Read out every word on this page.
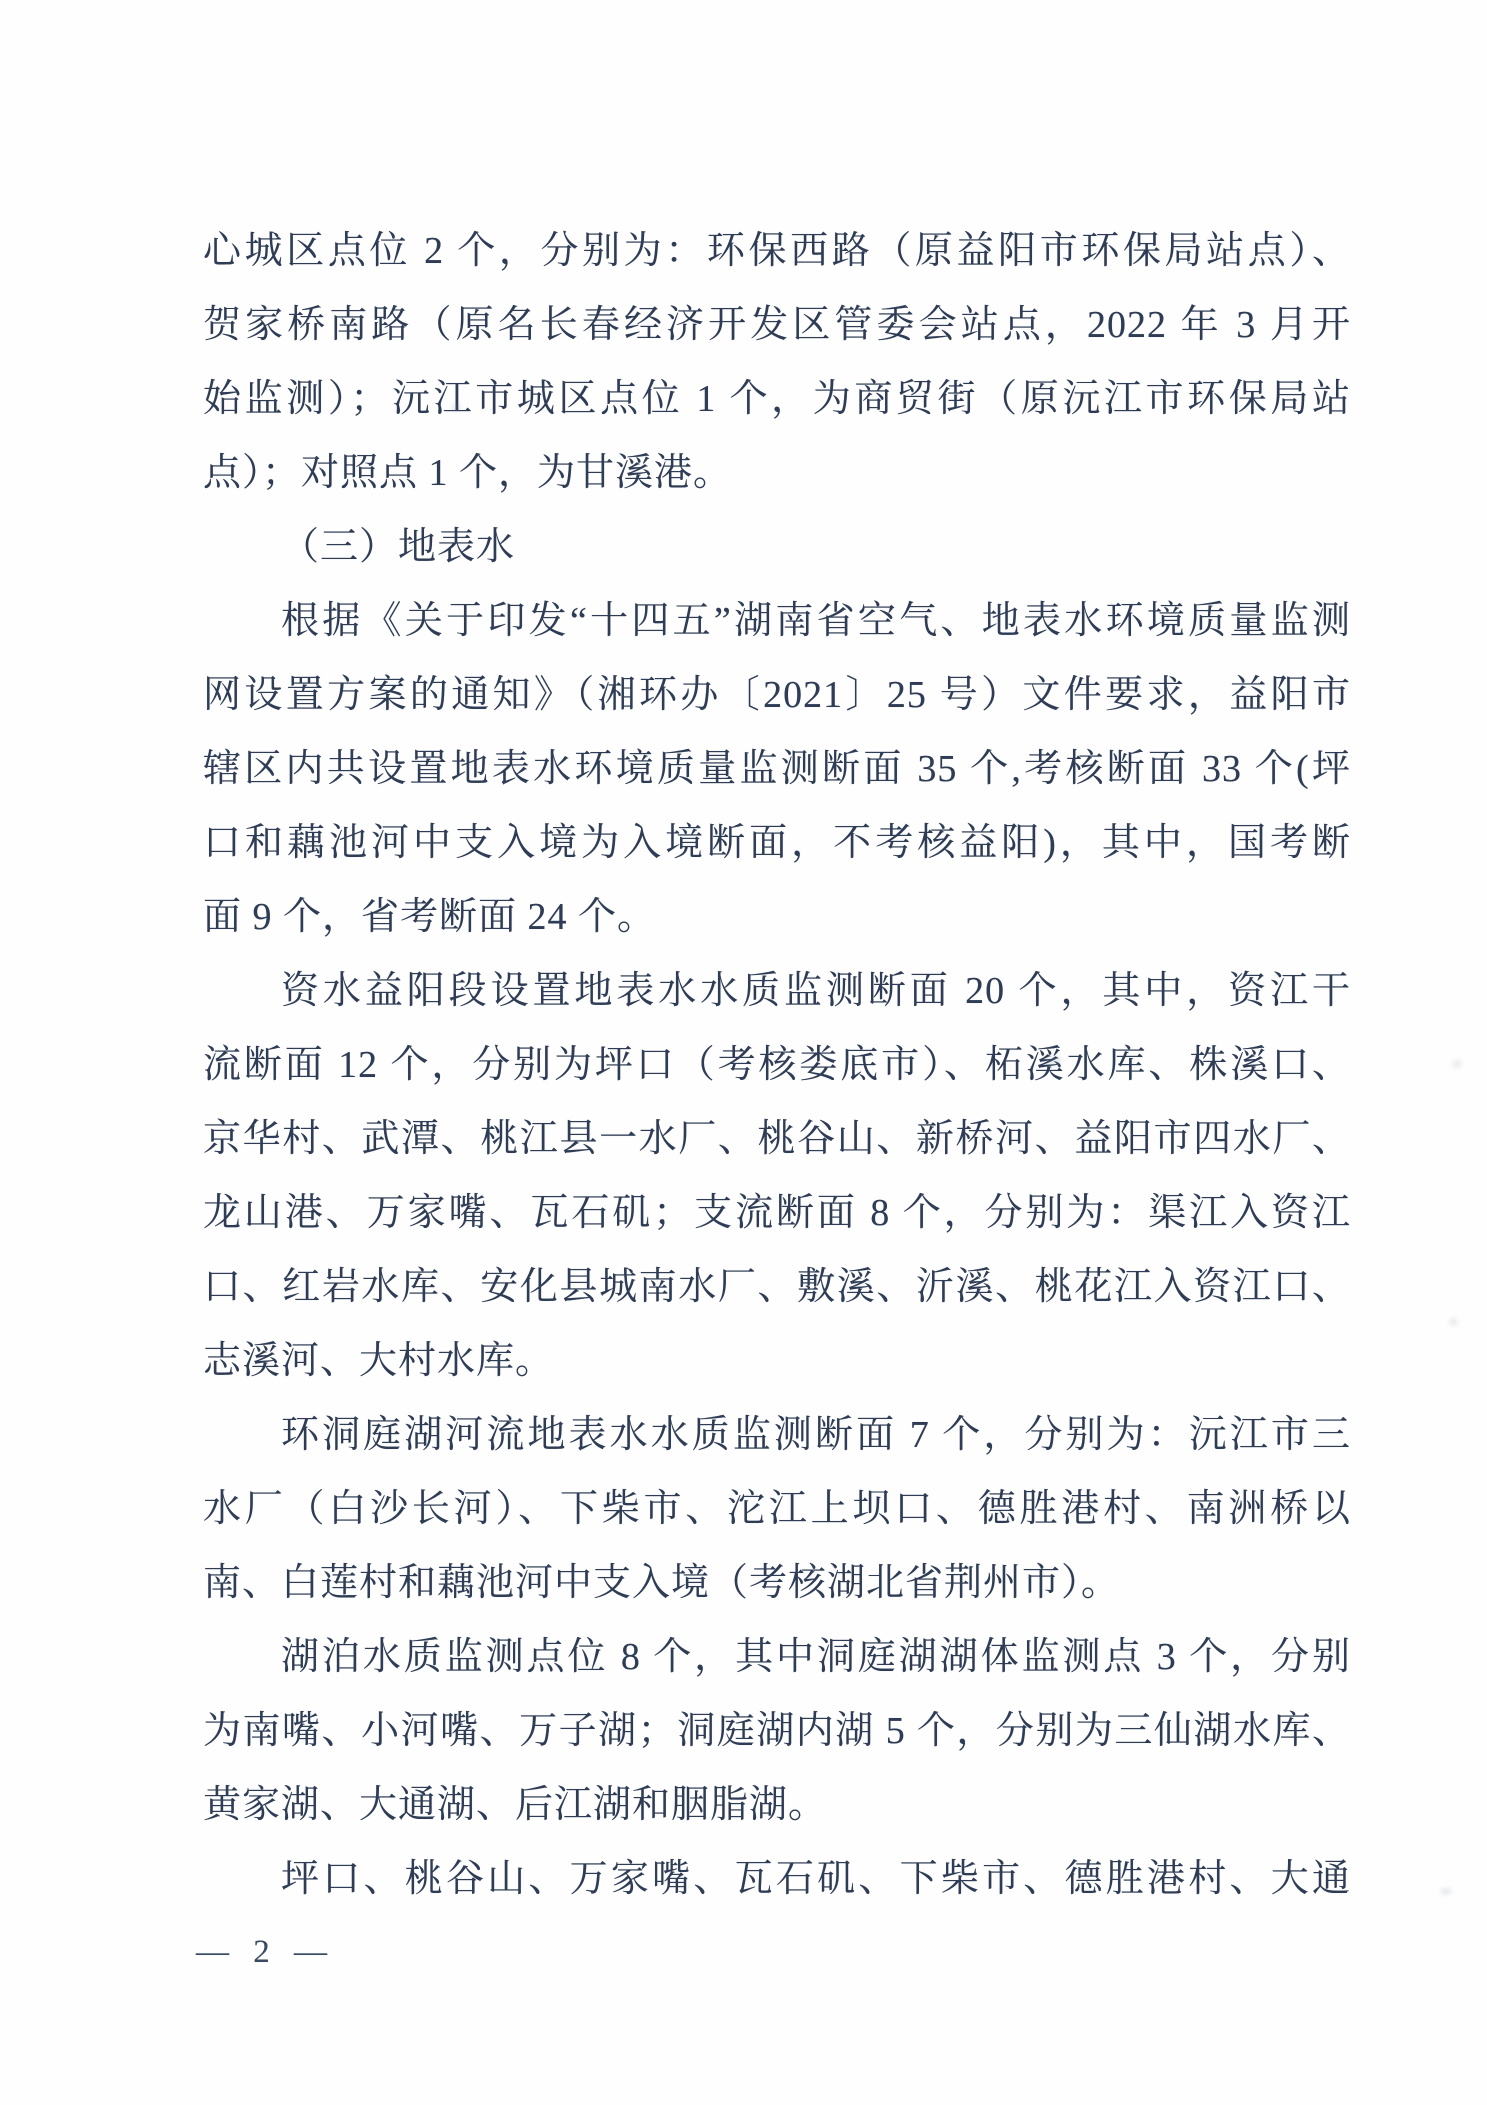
心城区点位 2 个，分别为：环保西路（原益阳市环保局站点）、
贺家桥南路（原名长春经济开发区管委会站点，2022 年 3 月开
始监测）；沅江市城区点位 1 个，为商贸街（原沅江市环保局站
点）；对照点 1 个，为甘溪港。
（三）地表水
根据《关于印发“十四五”湖南省空气、地表水环境质量监测
网设置方案的通知》（湘环办〔2021〕25 号）文件要求，益阳市
辖区内共设置地表水环境质量监测断面 35 个,考核断面 33 个(坪
口和藕池河中支入境为入境断面，不考核益阳)，其中，国考断
面 9 个，省考断面 24 个。
资水益阳段设置地表水水质监测断面 20 个，其中，资江干
流断面 12 个，分别为坪口（考核娄底市）、柘溪水库、株溪口、
京华村、武潭、桃江县一水厂、桃谷山、新桥河、益阳市四水厂、
龙山港、万家嘴、瓦石矶；支流断面 8 个，分别为：渠江入资江
口、红岩水库、安化县城南水厂、敷溪、沂溪、桃花江入资江口、
志溪河、大村水库。
环洞庭湖河流地表水水质监测断面 7 个，分别为：沅江市三
水厂（白沙长河）、下柴市、沱江上坝口、德胜港村、南洲桥以
南、白莲村和藕池河中支入境（考核湖北省荆州市）。
湖泊水质监测点位 8 个，其中洞庭湖湖体监测点 3 个，分别
为南嘴、小河嘴、万子湖；洞庭湖内湖 5 个，分别为三仙湖水库、
黄家湖、大通湖、后江湖和胭脂湖。
坪口、桃谷山、万家嘴、瓦石矶、下柴市、德胜港村、大通
— 2 —
